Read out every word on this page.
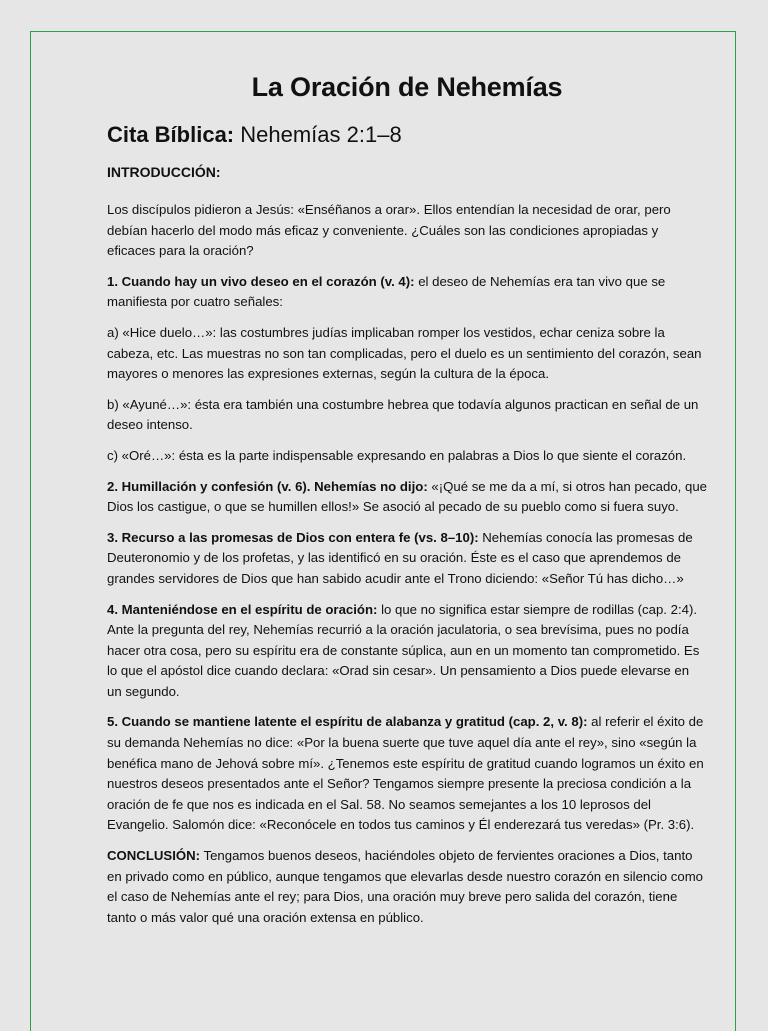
La Oración de Nehemías
Cita Bíblica: Nehemías 2:1–8
INTRODUCCIÓN:

Los discípulos pidieron a Jesús: «Enséñanos a orar». Ellos entendían la necesidad de orar, pero debían hacerlo del modo más eficaz y conveniente. ¿Cuáles son las condiciones apropiadas y eficaces para la oración?

1. Cuando hay un vivo deseo en el corazón (v. 4): el deseo de Nehemías era tan vivo que se manifiesta por cuatro señales:

a) «Hice duelo…»: las costumbres judías implicaban romper los vestidos, echar ceniza sobre la cabeza, etc. Las muestras no son tan complicadas, pero el duelo es un sentimiento del corazón, sean mayores o menores las expresiones externas, según la cultura de la época.

b) «Ayuné…»: ésta era también una costumbre hebrea que todavía algunos practican en señal de un deseo intenso.

c) «Oré…»: ésta es la parte indispensable expresando en palabras a Dios lo que siente el corazón.

2. Humillación y confesión (v. 6). Nehemías no dijo: «¡Qué se me da a mí, si otros han pecado, que Dios los castigue, o que se humillen ellos!» Se asoció al pecado de su pueblo como si fuera suyo.

3. Recurso a las promesas de Dios con entera fe (vs. 8–10): Nehemías conocía las promesas de Deuteronomio y de los profetas, y las identificó en su oración. Éste es el caso que aprendemos de grandes servidores de Dios que han sabido acudir ante el Trono diciendo: «Señor Tú has dicho…»

4. Manteniéndose en el espíritu de oración: lo que no significa estar siempre de rodillas (cap. 2:4). Ante la pregunta del rey, Nehemías recurrió a la oración jaculatoria, o sea brevísima, pues no podía hacer otra cosa, pero su espíritu era de constante súplica, aun en un momento tan comprometido. Es lo que el apóstol dice cuando declara: «Orad sin cesar». Un pensamiento a Dios puede elevarse en un segundo.

5. Cuando se mantiene latente el espíritu de alabanza y gratitud (cap. 2, v. 8): al referir el éxito de su demanda Nehemías no dice: «Por la buena suerte que tuve aquel día ante el rey», sino «según la benéfica mano de Jehová sobre mí». ¿Tenemos este espíritu de gratitud cuando logramos un éxito en nuestros deseos presentados ante el Señor? Tengamos siempre presente la preciosa condición a la oración de fe que nos es indicada en el Sal. 58. No seamos semejantes a los 10 leprosos del Evangelio. Salomón dice: «Reconócele en todos tus caminos y Él enderezará tus veredas» (Pr. 3:6).

CONCLUSIÓN: Tengamos buenos deseos, haciéndoles objeto de fervientes oraciones a Dios, tanto en privado como en público, aunque tengamos que elevarlas desde nuestro corazón en silencio como el caso de Nehemías ante el rey; para Dios, una oración muy breve pero salida del corazón, tiene tanto o más valor qué una oración extensa en público.
